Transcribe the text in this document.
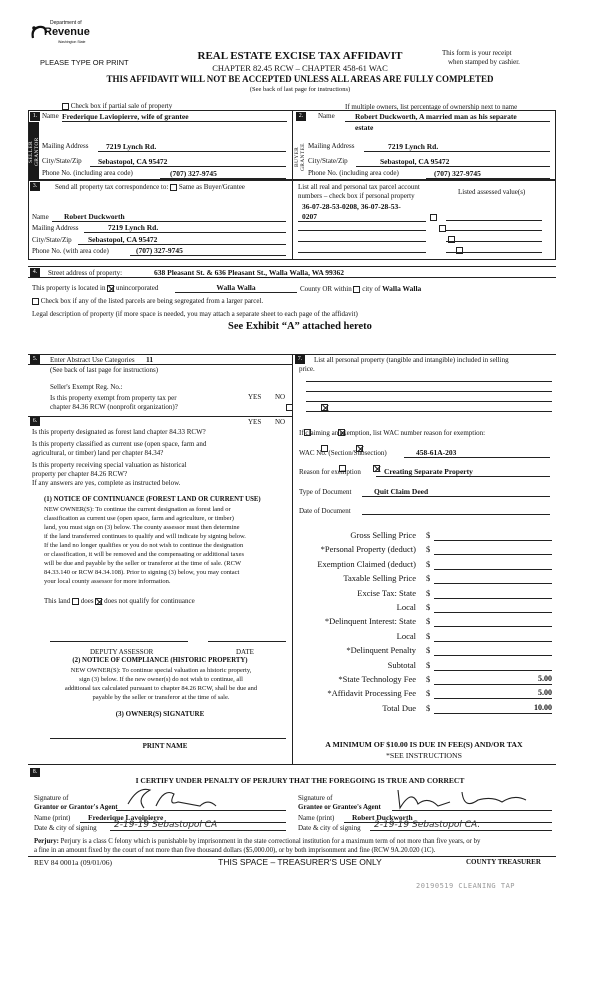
Department of
Revenue
Washington State
PLEASE TYPE OR PRINT
REAL ESTATE EXCISE TAX AFFIDAVIT
CHAPTER 82.45 RCW – CHAPTER 458-61 WAC
THIS AFFIDAVIT WILL NOT BE ACCEPTED UNLESS ALL AREAS ARE FULLY COMPLETED
(See back of last page for instructions)
This form is your receipt
when stamped by cashier.
Check box if partial sale of property	If multiple owners, list percentage of ownership next to name
1.
SELLER GRANTOR
Name Frederique Laviopierre, wife of grantee
Mailing Address	7219 Lynch Rd.
City/State/Zip	Sebastopol, CA 95472
Phone No. (including area code)	(707) 327-9745
2.	Name	Robert Duckworth, A married man as his separate
estate
BUYER GRANTEE Mailing Address	7219 Lynch Rd.
City/State/Zip	Sebastopol, CA 95472
Phone No. (including area code)	(707) 327-9745
3.	Send all property tax correspondence to: Same as Buyer/Grantee
Name	Robert Duckworth
Mailing Address	7219 Lynch Rd.
City/State/Zip	Sebastopol, CA 95472
Phone No. (with area code)	(707) 327-9745
List all real and personal tax parcel account
numbers – check box if personal property	Listed assessed value(s)
36-07-28-53-0208, 36-07-28-53-
0207

4.	Street address of property:	638 Pleasant St. & 636 Pleasant St., Walla Walla, WA 99362
This property is located in unincorporated	Walla Walla	County OR within city of Walla Walla
Check box if any of the listed parcels are being segregated from a larger parcel.
Legal description of property (if more space is needed, you may attach a separate sheet to each page of the affidavit)
See Exhibit “A” attached hereto
5.	Enter Abstract Use Categories	11
(See back of last page for instructions)
Seller's Exempt Reg. No.:
Is this property exempt from property tax per
chapter 84.36 RCW (nonprofit organization)?
YES NO

6.	YES NO
Is this property designated as forest land chapter 84.33 RCW?

Is this property classified as current use (open space, farm and
agricultural, or timber) land per chapter 84.34?

Is this property receiving special valuation as historical
property per chapter 84.26 RCW?

If any answers are yes, complete as instructed below.
(1) NOTICE OF CONTINUANCE (FOREST LAND OR CURRENT USE)
NEW OWNER(S): To continue the current designation as forest land or
classification as current use (open space, farm and agriculture, or timber)
land, you must sign on (3) below. The county assessor must then determine
if the land transferred continues to qualify and will indicate by signing below.
If the land no longer qualifies or you do not wish to continue the designation
or classification, it will be removed and the compensating or additional taxes
will be due and payable by the seller or transferor at the time of sale. (RCW
84.33.140 or RCW 84.34.108). Prior to signing (3) below, you may contact
your local county assessor for more information.
This land does does not qualify for continuance
DEPUTY ASSESSOR	DATE
(2) NOTICE OF COMPLIANCE (HISTORIC PROPERTY)
NEW OWNER(S): To continue special valuation as historic property,
sign (3) below. If the new owner(s) do not wish to continue, all
additional tax calculated pursuant to chapter 84.26 RCW, shall be due and
payable by the seller or transferor at the time of sale.
(3) OWNER(S) SIGNATURE
PRINT NAME
7.	List all personal property (tangible and intangible) included in selling
price.
If claiming an exemption, list WAC number reason for exemption:
WAC No. (Section/Subsection)	458-61A-203
Reason for exemption	Creating Separate Property
Type of Document	Quit Claim Deed
Date of Document
Gross Selling Price $
*Personal Property (deduct) $
Exemption Claimed (deduct) $
Taxable Selling Price $
Excise Tax: State $
Local $
*Delinquent Interest: State $
Local $
*Delinquent Penalty $
Subtotal $
*State Technology Fee $	5.00
*Affidavit Processing Fee $	5.00
Total Due $	10.00
A MINIMUM OF $10.00 IS DUE IN FEE(S) AND/OR TAX
*SEE INSTRUCTIONS
8.
I CERTIFY UNDER PENALTY OF PERJURY THAT THE FOREGOING IS TRUE AND CORRECT
Signature of
Grantor or Grantor's Agent
Name (print)	Frederique Lavoipierre
Date & city of signing	2-19-19 Sebastopol CA
Signature of
Grantee or Grantee's Agent
Name (print)	Robert Duckworth
Date & city of signing	2-19-19 Sebastopol CA.
Perjury: Perjury is a class C felony which is punishable by imprisonment in the state correctional institution for a maximum term of not more than five years, or by
a fine in an amount fixed by the court of not more than five thousand dollars ($5,000.00), or by both imprisonment and fine (RCW 9A.20.020 (1C).
REV 84 0001a (09/01/06)	THIS SPACE – TREASURER'S USE ONLY	COUNTY TREASURER
20190519 CLEANING TAP
